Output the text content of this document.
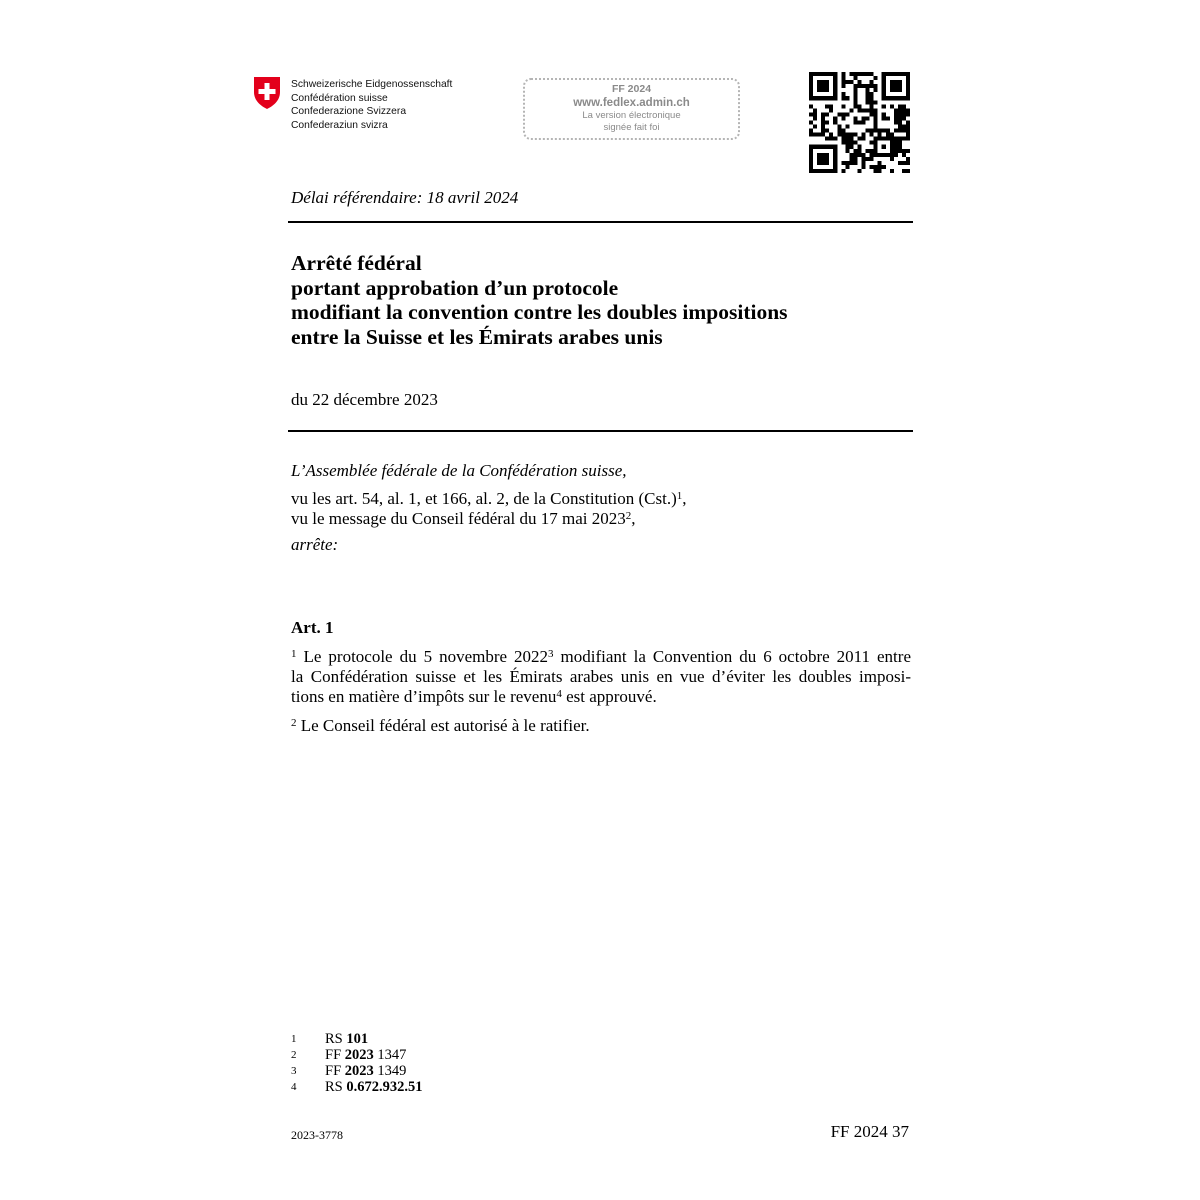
Schweizerische Eidgenossenschaft
Confédération suisse
Confederazione Svizzera
Confederaziun svizra
FF 2024
www.fedlex.admin.ch
La version électronique
signée fait foi
Délai référendaire: 18 avril 2024
Arrêté fédéral
portant approbation d’un protocole
modifiant la convention contre les doubles impositions
entre la Suisse et les Émirats arabes unis
du 22 décembre 2023
L’Assemblée fédérale de la Confédération suisse,
vu les art. 54, al. 1, et 166, al. 2, de la Constitution $(Cst.)^1$,
vu le message du Conseil fédéral du 17 mai 2023$^2$,
arrête:
Art. 1
$^1$ Le protocole du 5 novembre 2022$^3$ modifiant la Convention du 6 octobre 2011 entre
la Confédération suisse et les Émirats arabes unis en vue d’éviter les doubles imposi-
tions en matière d’impôts sur le revenu$^4$ est approuvé.
$^2$ Le Conseil fédéral est autorisé à le ratifier.
1	RS 101
2	FF 2023 1347
3	FF 2023 1349
4	RS 0.672.932.51
2023-3778	FF 2024 37
